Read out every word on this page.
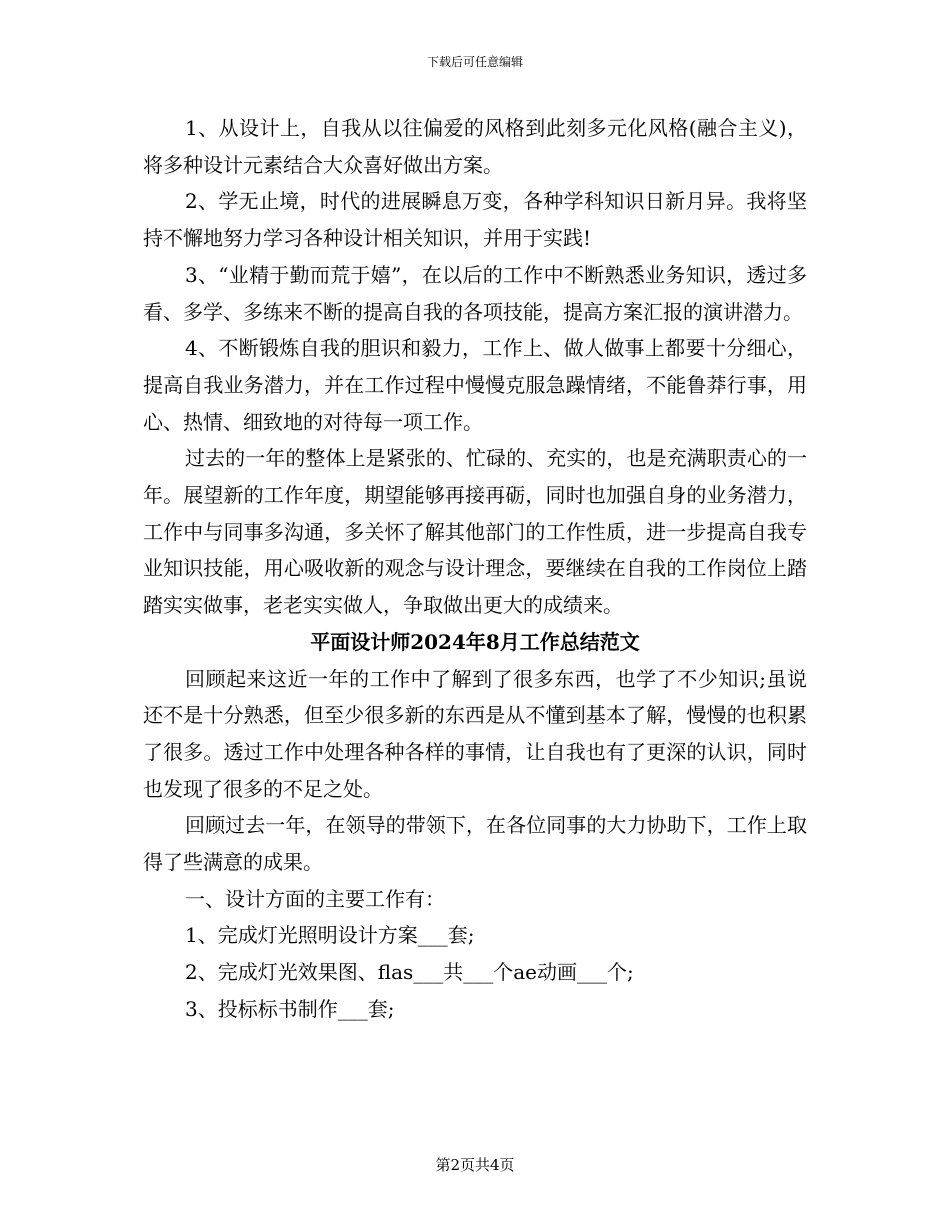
下载后可任意编辑

1、从设计上，自我从以往偏爱的风格到此刻多元化风格(融合主义)，将多种设计元素结合大众喜好做出方案。

2、学无止境，时代的进展瞬息万变，各种学科知识日新月异。我将坚持不懈地努力学习各种设计相关知识，并用于实践!

3、“业精于勤而荒于嬉”，在以后的工作中不断熟悉业务知识，透过多看、多学、多练来不断的提高自我的各项技能，提高方案汇报的演讲潜力。

4、不断锻炼自我的胆识和毅力，工作上、做人做事上都要十分细心，提高自我业务潜力，并在工作过程中慢慢克服急躁情绪，不能鲁莽行事，用心、热情、细致地的对待每一项工作。

过去的一年的整体上是紧张的、忙碌的、充实的，也是充满职责心的一年。展望新的工作年度，期望能够再接再砺，同时也加强自身的业务潜力，工作中与同事多沟通，多关怀了解其他部门的工作性质，进一步提高自我专业知识技能，用心吸收新的观念与设计理念，要继续在自我的工作岗位上踏踏实实做事，老老实实做人，争取做出更大的成绩来。

平面设计师2024年8月工作总结范文

回顾起来这近一年的工作中了解到了很多东西，也学了不少知识;虽说还不是十分熟悉，但至少很多新的东西是从不懂到基本了解，慢慢的也积累了很多。透过工作中处理各种各样的事情，让自我也有了更深的认识，同时也发现了很多的不足之处。

回顾过去一年，在领导的带领下，在各位同事的大力协助下，工作上取得了些满意的成果。

一、设计方面的主要工作有：

1、完成灯光照明设计方案___套;

2、完成灯光效果图、flas___共___个ae动画___个;

3、投标标书制作___套;

第2页共4页
